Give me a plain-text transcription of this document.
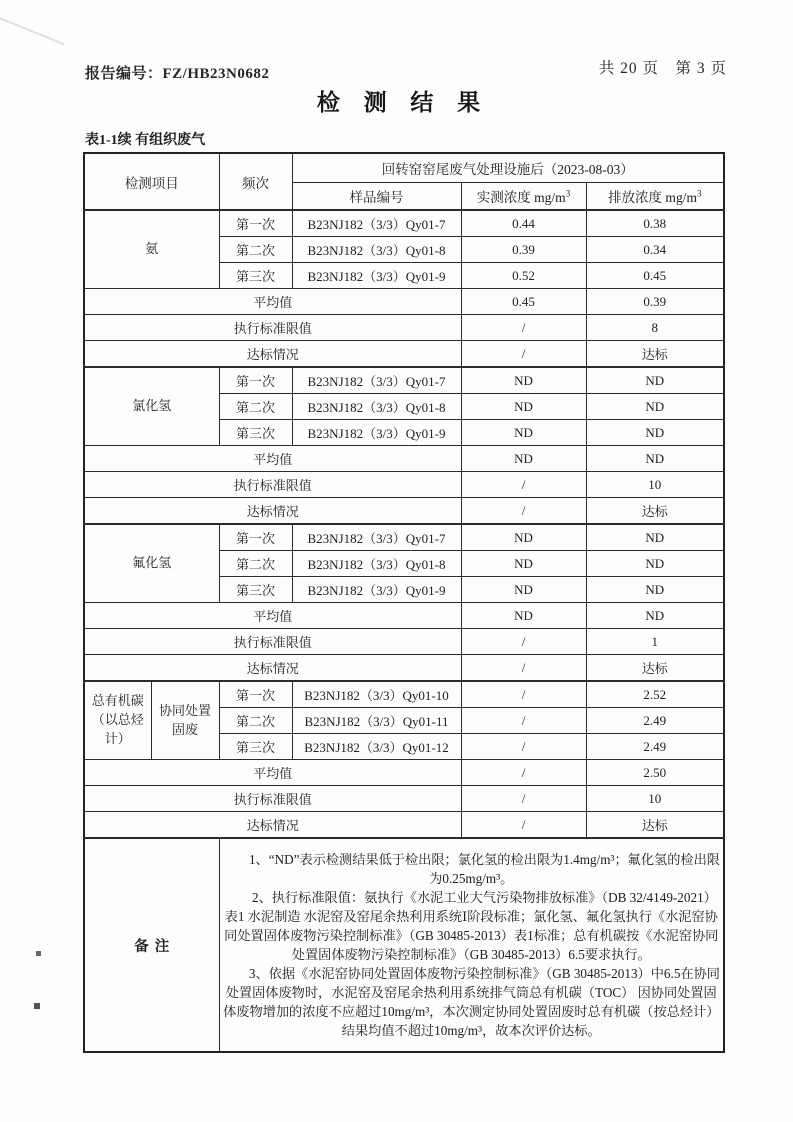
报告编号：FZ/HB23N0682	共 20 页　第 3 页
检 测 结 果
表1-1续 有组织废气
检测项目		频次	回转窑窑尾废气处理设施后（2023-08-03）		
			样品编号	实测浓度 $mg/m^3$	排放浓度 $mg/m^3$
氨		第一次	B23NJ182（3/3）Qy01-7	0.44	0.38
		第二次	B23NJ182（3/3）Qy01-8	0.39	0.34
		第三次	B23NJ182（3/3）Qy01-9	0.52	0.45
平均值				0.45	0.39
执行标准限值				/	8
达标情况				/	达标
氯化氢		第一次	B23NJ182（3/3）Qy01-7	ND	ND
		第二次	B23NJ182（3/3）Qy01-8	ND	ND
		第三次	B23NJ182（3/3）Qy01-9	ND	ND
平均值				ND	ND
执行标准限值				/	10
达标情况				/	达标
氟化氢		第一次	B23NJ182（3/3）Qy01-7	ND	ND
		第二次	B23NJ182（3/3）Qy01-8	ND	ND
		第三次	B23NJ182（3/3）Qy01-9	ND	ND
平均值				ND	ND
执行标准限值				/	1
达标情况				/	达标
总有机碳（以总烃计）	协同处置固废	第一次	B23NJ182（3/3）Qy01-10	/	2.52
		第二次	B23NJ182（3/3）Qy01-11	/	2.49
		第三次	B23NJ182（3/3）Qy01-12	/	2.49
平均值				/	2.50
执行标准限值				/	10
达标情况				/	达标
备注		1、“ND”表示检测结果低于检出限；氯化氢的检出限为1.4mg/m³；氟化氢的检出限为0.25mg/m³。

2、执行标准限值：氨执行《水泥工业大气污染物排放标准》（DB 32/4149-2021）表1 水泥制造 水泥窑及窑尾余热利用系统Ⅰ阶段标准；氯化氢、氟化氢执行《水泥窑协同处置固体废物污染控制标准》（GB 30485-2013）表1标准；总有机碳按《水泥窑协同处置固体废物污染控制标准》（GB 30485-2013）6.5要求执行。

3、依据《水泥窑协同处置固体废物污染控制标准》（GB 30485-2013）中6.5在协同处置固体废物时，水泥窑及窑尾余热利用系统排气筒总有机碳（TOC） 因协同处置固体废物增加的浓度不应超过10mg/m³，本次测定协同处置固废时总有机碳（按总烃计）结果均值不超过10mg/m³，故本次评价达标。			
